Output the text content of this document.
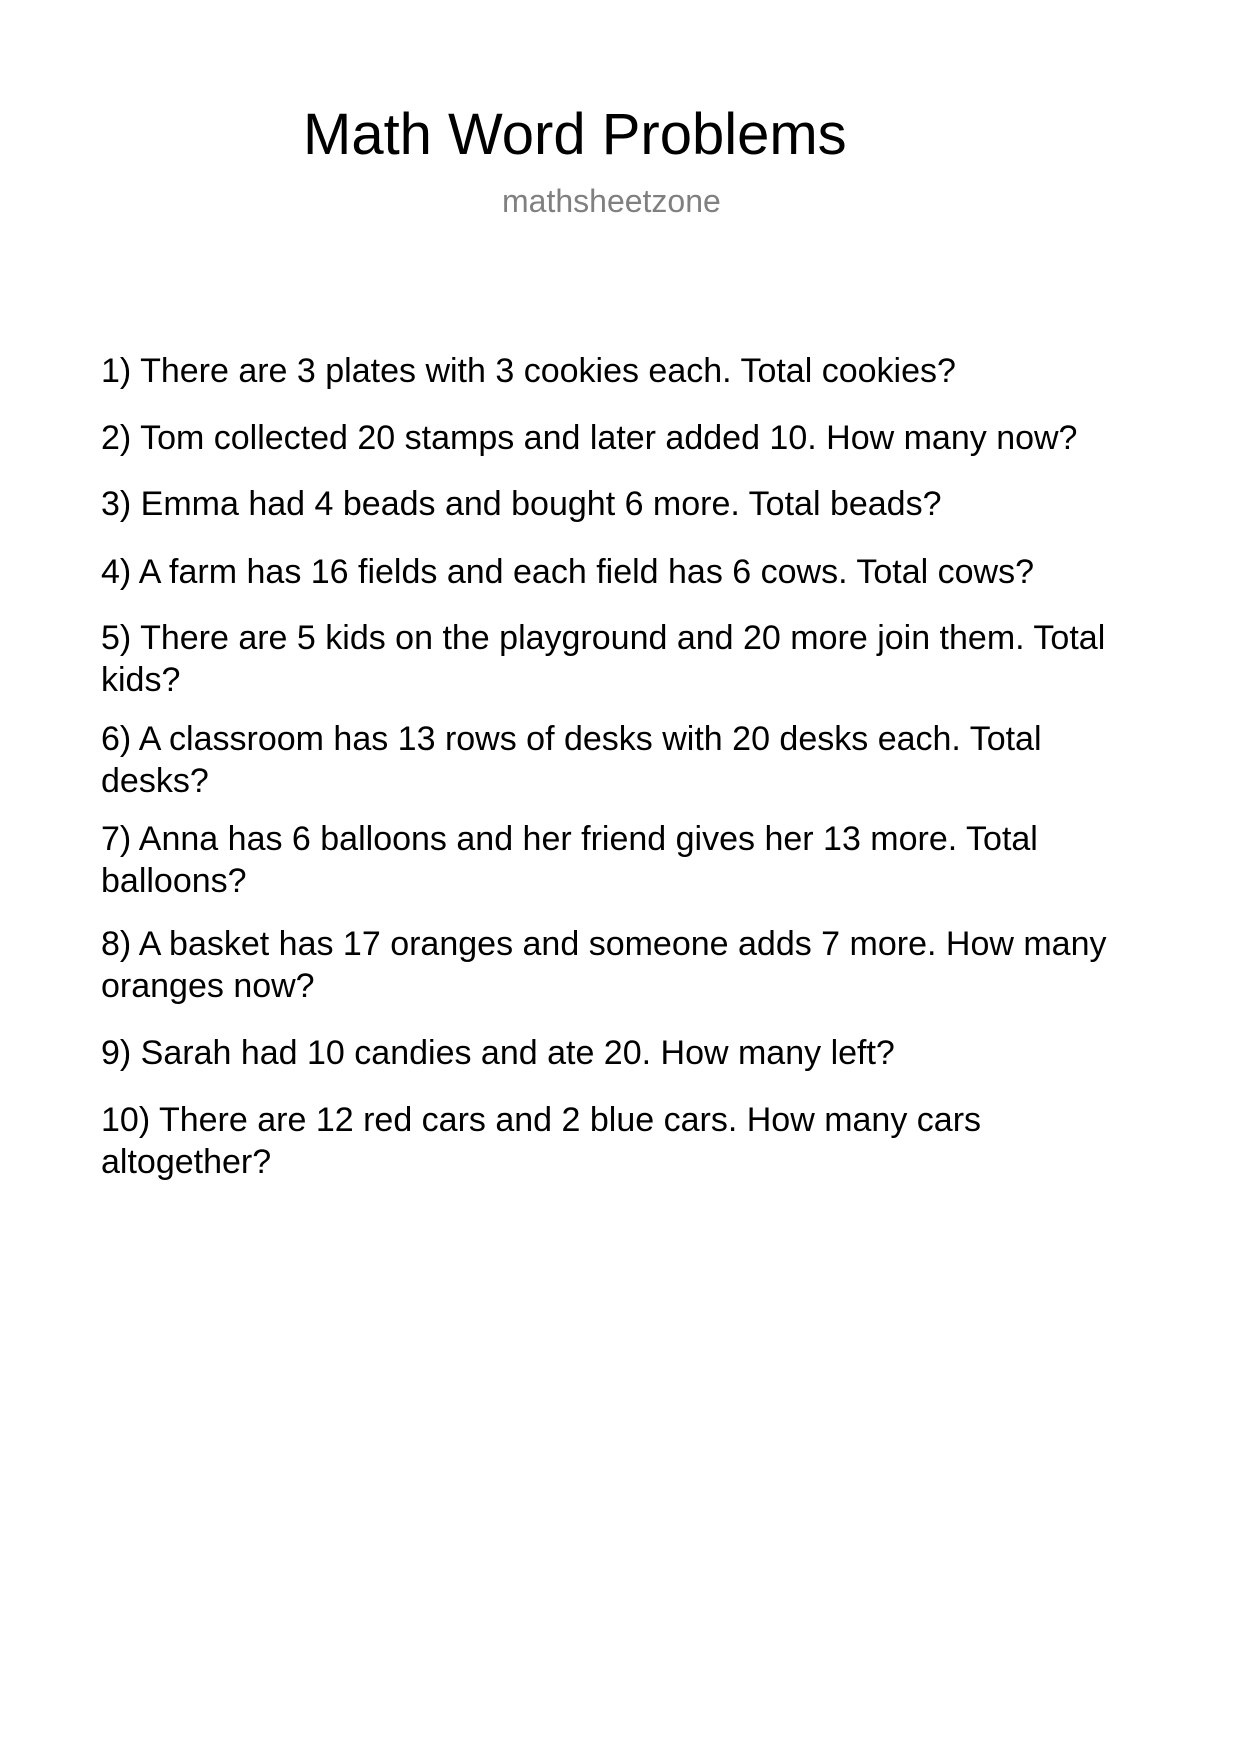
Math Word Problems
mathsheetzone

1) There are 3 plates with 3 cookies each. Total cookies?

2) Tom collected 20 stamps and later added 10. How many now?

3) Emma had 4 beads and bought 6 more. Total beads?

4) A farm has 16 fields and each field has 6 cows. Total cows?

5) There are 5 kids on the playground and 20 more join them. Total kids?

6) A classroom has 13 rows of desks with 20 desks each. Total desks?

7) Anna has 6 balloons and her friend gives her 13 more. Total balloons?

8) A basket has 17 oranges and someone adds 7 more. How many oranges now?

9) Sarah had 10 candies and ate 20. How many left?

10) There are 12 red cars and 2 blue cars. How many cars altogether?
